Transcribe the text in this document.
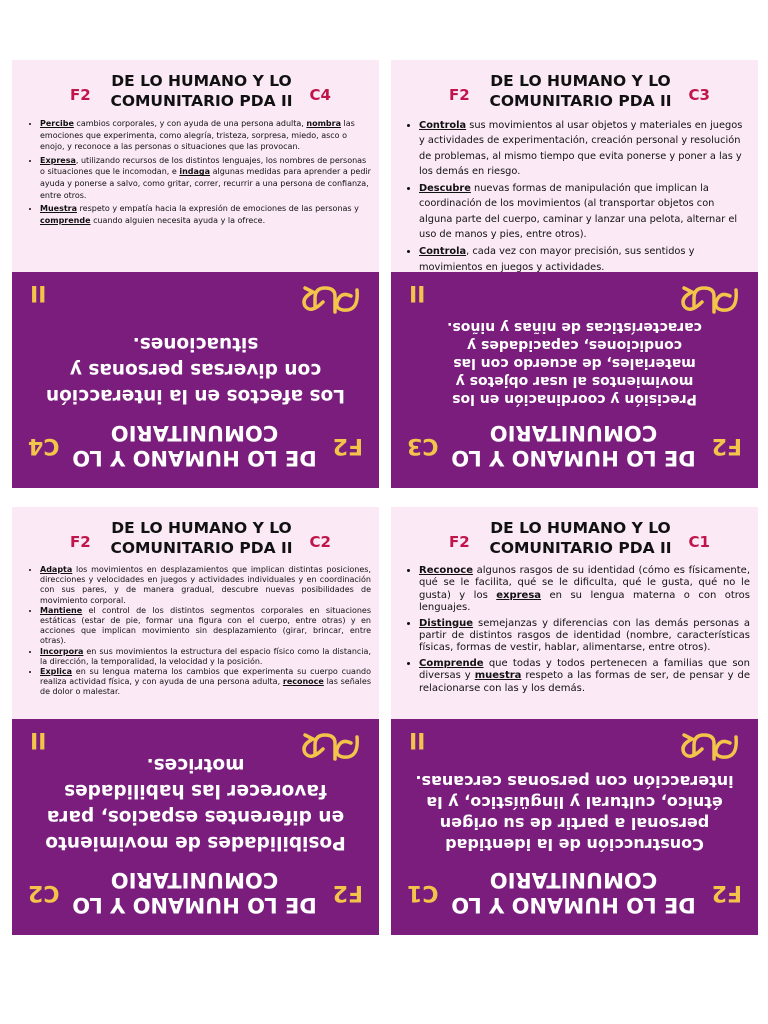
F2
DE LO HUMANO Y LO COMUNITARIO PDA II	C4
• Percibe cambios corporales, y con ayuda de una persona adulta, nombra las emociones que experimenta, como alegría, tristeza, sorpresa, miedo, asco o enojo, y reconoce a las personas o situaciones que las provocan.
• Expresa, utilizando recursos de los distintos lenguajes, los nombres de personas o situaciones que le incomodan, e indaga algunas medidas para aprender a pedir ayuda y ponerse a salvo, como gritar, correr, recurrir a una persona de confianza, entre otros.
• Muestra respeto y empatía hacia la expresión de emociones de las personas y comprende cuando alguien necesita ayuda y la ofrece.
F2
DE LO HUMANO Y LO COMUNITARIO
C4
Los afectos en la interacción con diversas personas y situaciones.
II
F2
DE LO HUMANO Y LO COMUNITARIO PDA II	C3
• Controla sus movimientos al usar objetos y materiales en juegos y actividades de experimentación, creación personal y resolución de problemas, al mismo tiempo que evita ponerse y poner a las y los demás en riesgo.
• Descubre nuevas formas de manipulación que implican la coordinación de los movimientos (al transportar objetos con alguna parte del cuerpo, caminar y lanzar una pelota, alternar el uso de manos y pies, entre otros).
• Controla, cada vez con mayor precisión, sus sentidos y movimientos en juegos y actividades.
F2
DE LO HUMANO Y LO COMUNITARIO
C3
Precisión y coordinación en los movimientos al usar objetos y materiales, de acuerdo con las condiciones, capacidades y características de niñas y niños.
II
F2
DE LO HUMANO Y LO COMUNITARIO PDA II	C2
• Adapta los movimientos en desplazamientos que implican distintas posiciones, direcciones y velocidades en juegos y actividades individuales y en coordinación con sus pares, y de manera gradual, descubre nuevas posibilidades de movimiento corporal.
• Mantiene el control de los distintos segmentos corporales en situaciones estáticas (estar de pie, formar una figura con el cuerpo, entre otras) y en acciones que implican movimiento sin desplazamiento (girar, brincar, entre otras).
• Incorpora en sus movimientos la estructura del espacio físico como la distancia, la dirección, la temporalidad, la velocidad y la posición.
• Explica en su lengua materna los cambios que experimenta su cuerpo cuando realiza actividad física, y con ayuda de una persona adulta, reconoce las señales de dolor o malestar.
F2
DE LO HUMANO Y LO COMUNITARIO
C2
Posibilidades de movimiento en diferentes espacios, para favorecer las habilidades motrices.
II
F2
DE LO HUMANO Y LO COMUNITARIO PDA II	C1
• Reconoce algunos rasgos de su identidad (cómo es físicamente, qué se le facilita, qué se le dificulta, qué le gusta, qué no le gusta) y los expresa en su lengua materna o con otros lenguajes.
• Distingue semejanzas y diferencias con las demás personas a partir de distintos rasgos de identidad (nombre, características físicas, formas de vestir, hablar, alimentarse, entre otros).
• Comprende que todas y todos pertenecen a familias que son diversas y muestra respeto a las formas de ser, de pensar y de relacionarse con las y los demás.
F2
DE LO HUMANO Y LO COMUNITARIO
C1
Construcción de la identidad personal a partir de su origen étnico, cultural y lingüístico, y la interacción con personas cercanas.
II
